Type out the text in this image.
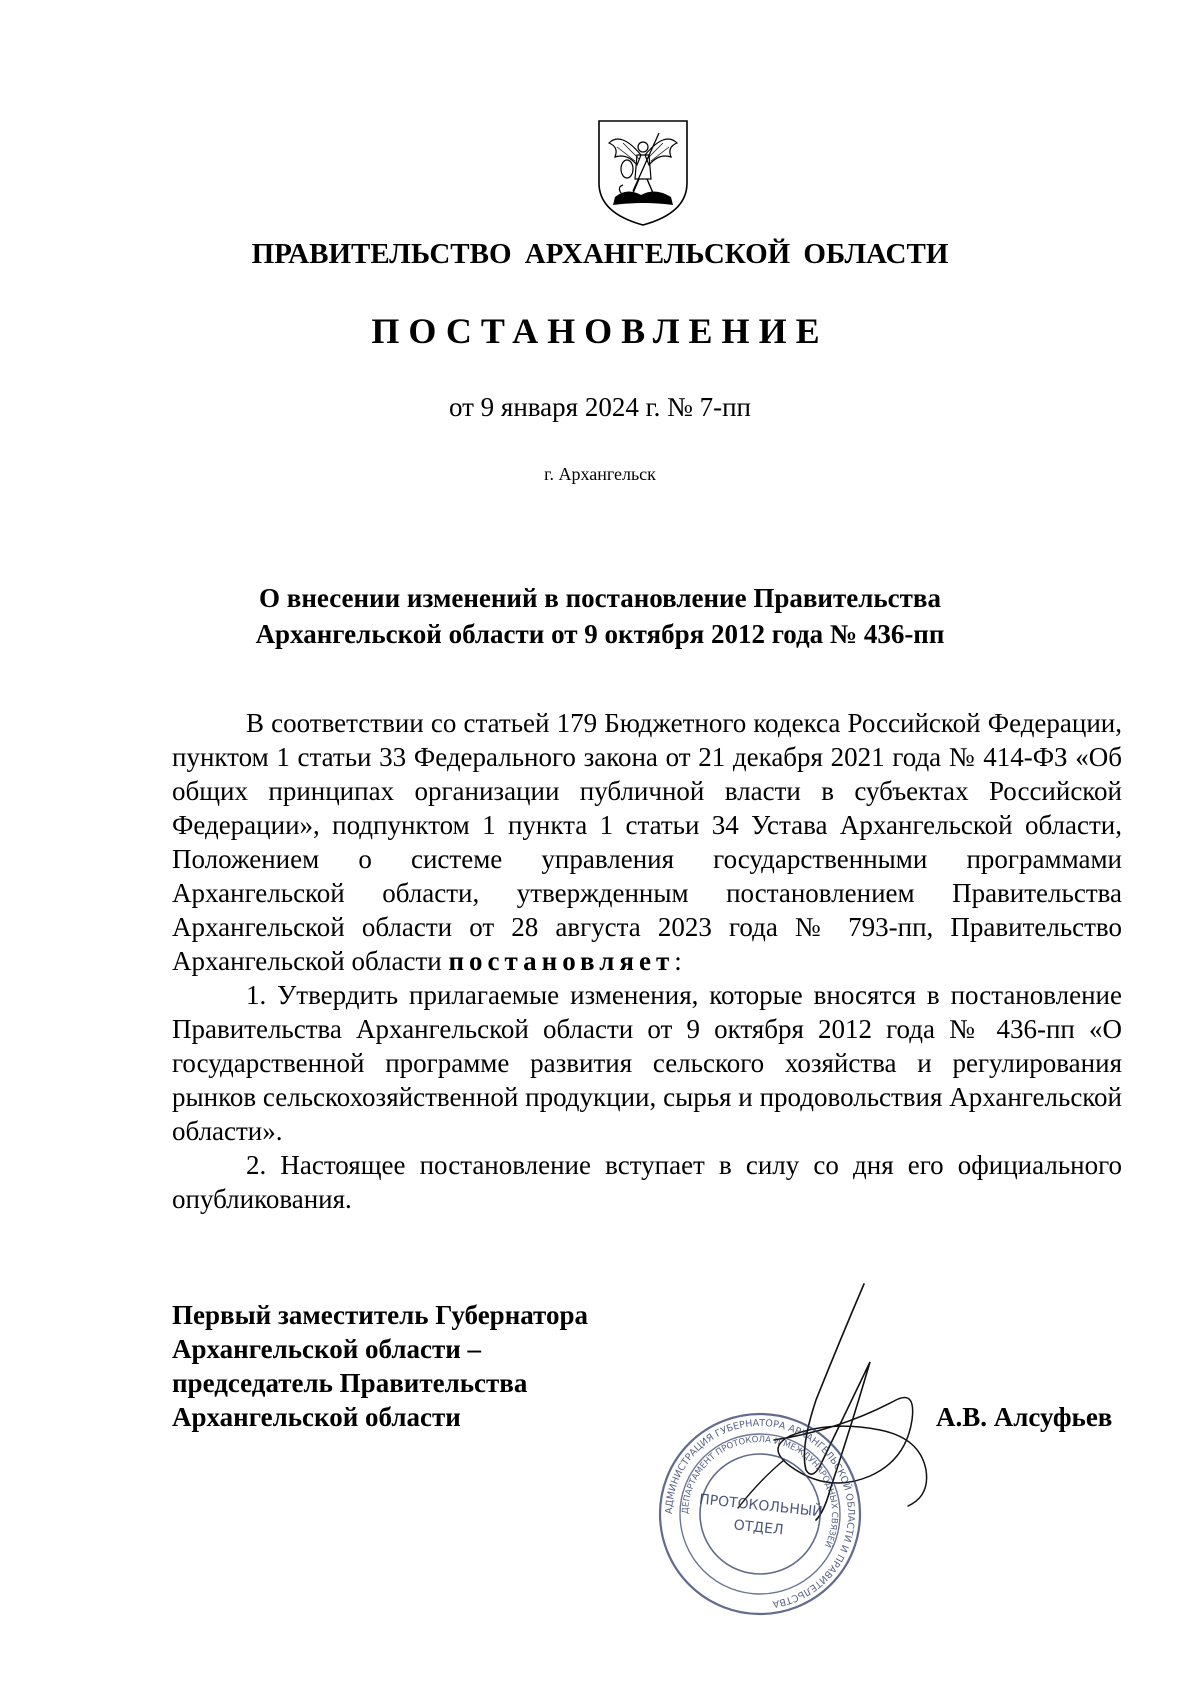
ПРАВИТЕЛЬСТВО АРХАНГЕЛЬСКОЙ ОБЛАСТИ
ПОСТАНОВЛЕНИЕ
от 9 января 2024 г. № 7-пп
г. Архангельск
О внесении изменений в постановление Правительства
Архангельской области от 9 октября 2012 года № 436-пп

В соответствии со статьей 179 Бюджетного кодекса Российской Федерации, пунктом 1 статьи 33 Федерального закона от 21 декабря 2021 года № 414-ФЗ «Об общих принципах организации публичной власти в субъектах Российской Федерации», подпунктом 1 пункта 1 статьи 34 Устава Архангельской области, Положением о системе управления государственными программами Архангельской области, утвержденным постановлением Правительства Архангельской области от 28 августа 2023 года № 793-пп, Правительство Архангельской области постановляет:

1. Утвердить прилагаемые изменения, которые вносятся в постановление Правительства Архангельской области от 9 октября 2012 года № 436-пп «О государственной программе развития сельского хозяйства и регулирования рынков сельскохозяйственной продукции, сырья и продовольствия Архангельской области».

2. Настоящее постановление вступает в силу со дня его официального опубликования.

Первый заместитель Губернатора
Архангельской области –
председатель Правительства
Архангельской области	А.В. Алсуфьев
АДМИНИСТРАЦИЯ ГУБЕРНАТОРА АРХАНГЕЛЬСКОЙ ОБЛАСТИ И ПРАВИТЕЛЬСТВА
ДЕПАРТАМЕНТ ПРОТОКОЛА И МЕЖДУНАРОДНЫХ СВЯЗЕЙ
ПРОТОКОЛЬНЫЙ
ОТДЕЛ
